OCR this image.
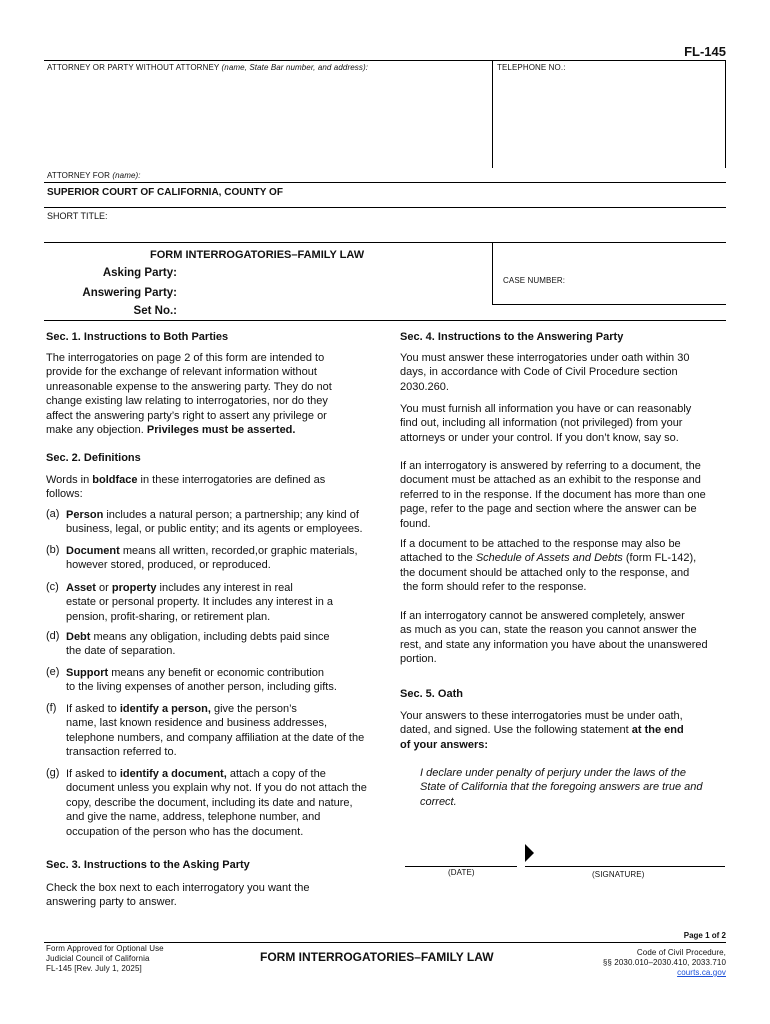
FL-145
ATTORNEY OR PARTY WITHOUT ATTORNEY (name, State Bar number, and address):	TELEPHONE NO.:
ATTORNEY FOR (name):
SUPERIOR COURT OF CALIFORNIA, COUNTY OF
SHORT TITLE:
FORM INTERROGATORIES–FAMILY LAW
Asking Party:
Answering Party:
Set No.:
CASE NUMBER:
Sec. 1. Instructions to Both Parties
The interrogatories on page 2 of this form are intended to
provide for the exchange of relevant information without
unreasonable expense to the answering party. They do not
change existing law relating to interrogatories, nor do they
affect the answering party’s right to assert any privilege or
make any objection. Privileges must be asserted.
Sec. 2. Definitions
Words in boldface in these interrogatories are defined as
follows:
(a) Person includes a natural person; a partnership; any kind of
business, legal, or public entity; and its agents or employees.
(b) Document means all written, recorded,or graphic materials,
however stored, produced, or reproduced.
(c) Asset or property includes any interest in real
estate or personal property. It includes any interest in a
pension, profit-sharing, or retirement plan.
(d) Debt means any obligation, including debts paid since
the date of separation.
(e) Support means any benefit or economic contribution
to the living expenses of another person, including gifts.
(f) If asked to identify a person, give the person’s
name, last known residence and business addresses,
telephone numbers, and company affiliation at the date of the
transaction referred to.
(g) If asked to identify a document, attach a copy of the
document unless you explain why not. If you do not attach the
copy, describe the document, including its date and nature,
and give the name, address, telephone number, and
occupation of the person who has the document.
Sec. 3. Instructions to the Asking Party
Check the box next to each interrogatory you want the
answering party to answer.
Sec. 4. Instructions to the Answering Party
You must answer these interrogatories under oath within 30
days, in accordance with Code of Civil Procedure section
2030.260.
You must furnish all information you have or can reasonably
find out, including all information (not privileged) from your
attorneys or under your control. If you don’t know, say so.
If an interrogatory is answered by referring to a document, the
document must be attached as an exhibit to the response and
referred to in the response. If the document has more than one
page, refer to the page and section where the answer can be
found.
If a document to be attached to the response may also be
attached to the Schedule of Assets and Debts (form FL-142),
the document should be attached only to the response, and
the form should refer to the response.
If an interrogatory cannot be answered completely, answer
as much as you can, state the reason you cannot answer the
rest, and state any information you have about the unanswered
portion.
Sec. 5. Oath
Your answers to these interrogatories must be under oath,
dated, and signed. Use the following statement at the end
of your answers:
I declare under penalty of perjury under the laws of the
State of California that the foregoing answers are true and
correct.
(DATE)	(SIGNATURE)
Page 1 of 2
Form Approved for Optional Use
Judicial Council of California
FL-145 [Rev. July 1, 2025]
FORM INTERROGATORIES–FAMILY LAW	Code of Civil Procedure,
§§ 2030.010–2030.410, 2033.710
courts.ca.gov
